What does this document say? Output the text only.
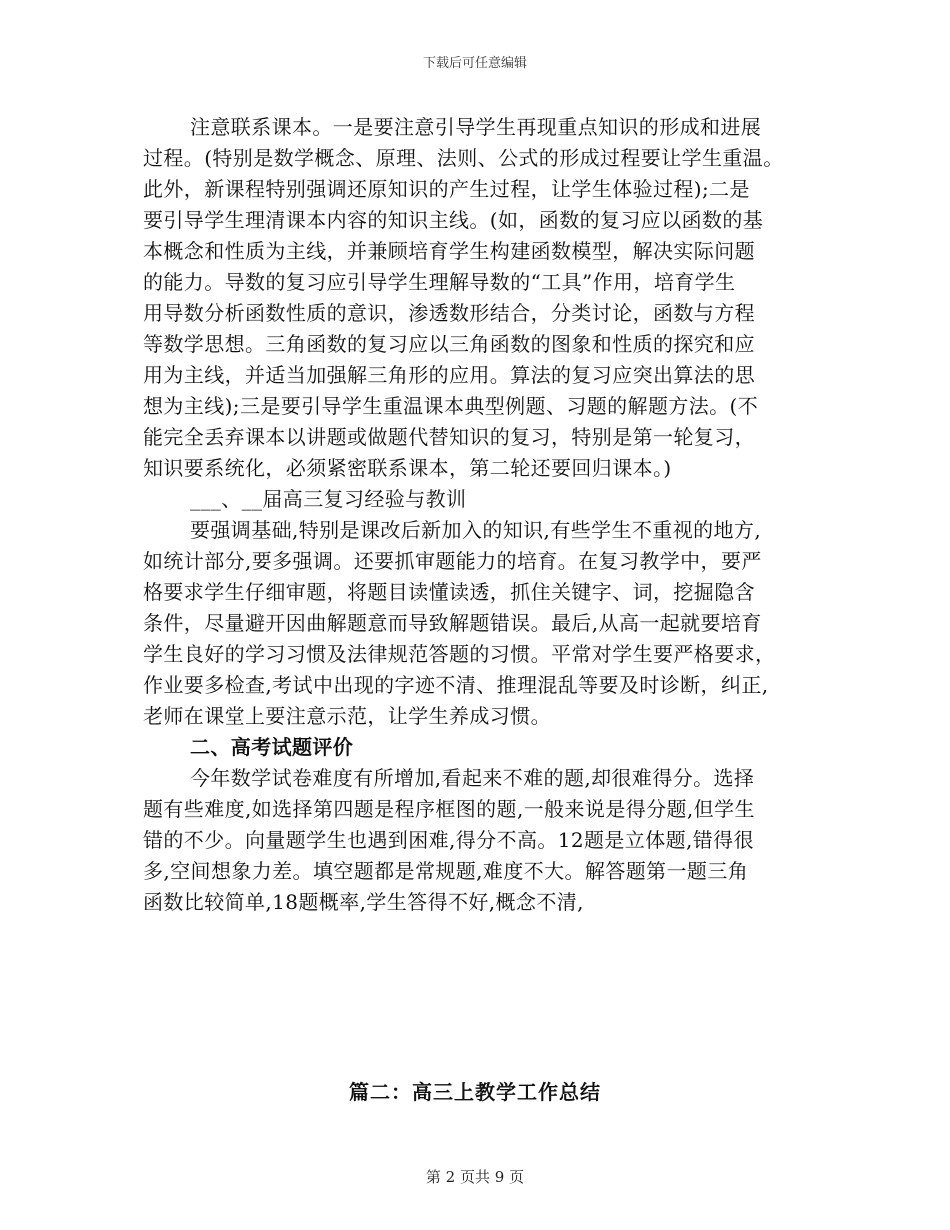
下载后可任意编辑

注意联系课本。一是要注意引导学生再现重点知识的形成和进展
过程。(特别是数学概念、原理、法则、公式的形成过程要让学生重温。
此外，新课程特别强调还原知识的产生过程，让学生体验过程);二是
要引导学生理清课本内容的知识主线。(如，函数的复习应以函数的基
本概念和性质为主线，并兼顾培育学生构建函数模型，解决实际问题
的能力。导数的复习应引导学生理解导数的“工具”作用，培育学生
用导数分析函数性质的意识，渗透数形结合，分类讨论，函数与方程
等数学思想。三角函数的复习应以三角函数的图象和性质的探究和应
用为主线，并适当加强解三角形的应用。算法的复习应突出算法的思
想为主线);三是要引导学生重温课本典型例题、习题的解题方法。(不
能完全丢弃课本以讲题或做题代替知识的复习，特别是第一轮复习，
知识要系统化，必须紧密联系课本，第二轮还要回归课本。)

___、__届高三复习经验与教训

要强调基础,特别是课改后新加入的知识,有些学生不重视的地方,
如统计部分,要多强调。还要抓审题能力的培育。在复习教学中，要严
格要求学生仔细审题，将题目读懂读透，抓住关键字、词，挖掘隐含
条件，尽量避开因曲解题意而导致解题错误。最后,从高一起就要培育
学生良好的学习习惯及法律规范答题的习惯。平常对学生要严格要求，
作业要多检查,考试中出现的字迹不清、推理混乱等要及时诊断，纠正,
老师在课堂上要注意示范，让学生养成习惯。

二、高考试题评价

今年数学试卷难度有所增加,看起来不难的题,却很难得分。选择
题有些难度,如选择第四题是程序框图的题,一般来说是得分题,但学生
错的不少。向量题学生也遇到困难,得分不高。12题是立体题,错得很
多,空间想象力差。填空题都是常规题,难度不大。解答题第一题三角
函数比较简单,18题概率,学生答得不好,概念不清,

篇二：高三上教学工作总结
第 2 页共 9 页
